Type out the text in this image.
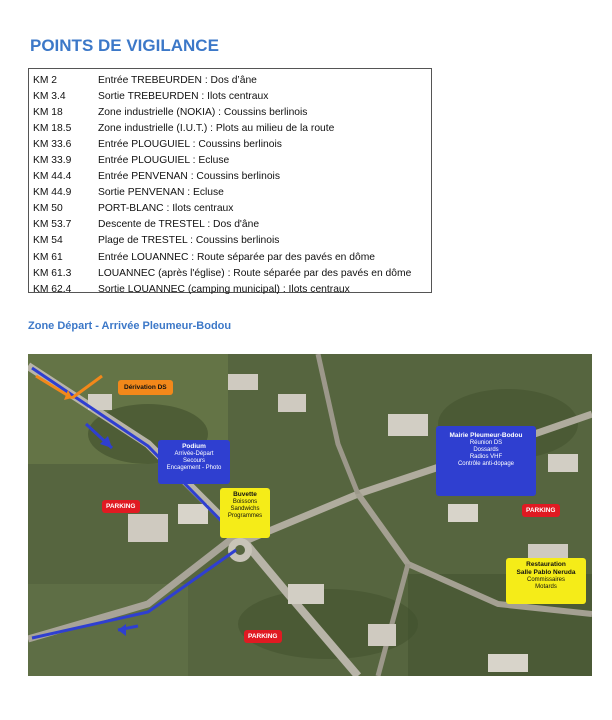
POINTS DE VIGILANCE
KM 2	Entrée TREBEURDEN : Dos d’âne
KM 3.4	Sortie TREBEURDEN : Ilots centraux
KM 18	Zone industrielle (NOKIA) : Coussins berlinois
KM 18.5	Zone industrielle (I.U.T.) : Plots au milieu de la route
KM 33.6	Entrée PLOUGUIEL : Coussins berlinois
KM 33.9	Entrée PLOUGUIEL : Ecluse
KM 44.4	Entrée PENVENAN : Coussins berlinois
KM 44.9	Sortie PENVENAN : Ecluse
KM 50	PORT-BLANC : Ilots centraux
KM 53.7	Descente de TRESTEL : Dos d'âne
KM 54	Plage de TRESTEL : Coussins berlinois
KM 61	Entrée LOUANNEC : Route séparée par des pavés en dôme
KM 61.3	LOUANNEC (après l'église) : Route séparée par des pavés en dôme
KM 62.4	Sortie LOUANNEC (camping municipal) : Ilots centraux
Zone Départ - Arrivée Pleumeur-Bodou
Dérivation DS
Podium
Arrivée-Départ
Secours
Encagement - Photo
Buvette
Boissons
Sandwichs
Programmes
Mairie Pleumeur-Bodou
Réunion DS
Dossards
Radios VHF
Contrôle anti-dopage
Restauration
Salle Pablo Neruda
Commissaires
Motards
PARKING
PARKING
PARKING
